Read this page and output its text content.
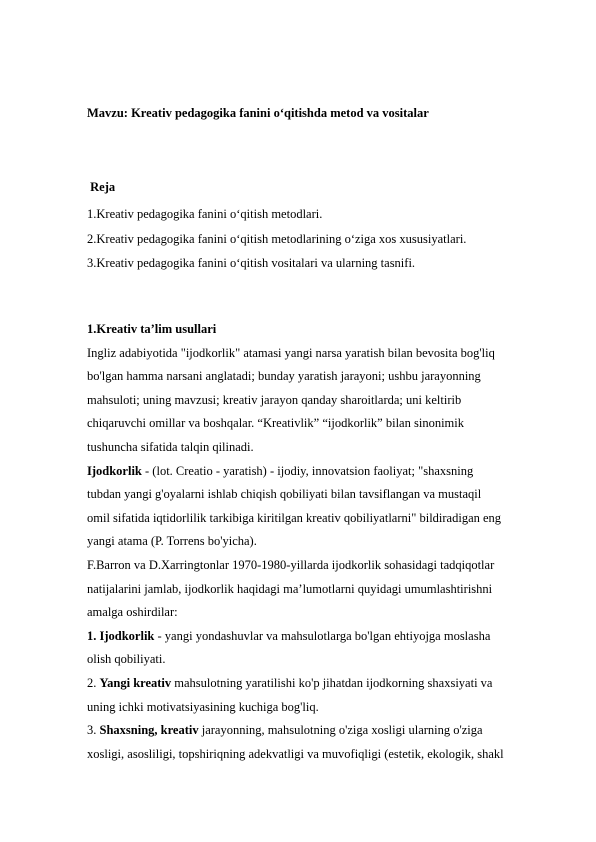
Mavzu: Kreativ pedagogika fanini o‘qitishda metod va vositalar

Reja

1.Kreativ pedagogika fanini o‘qitish metodlari.
2.Kreativ pedagogika fanini o‘qitish metodlarining o‘ziga xos xususiyatlari.
3.Kreativ pedagogika fanini o‘qitish vositalari va ularning tasnifi.
1.Kreativ ta’lim usullari
Ingliz adabiyotida "ijodkorlik" atamasi yangi narsa yaratish bilan bevosita bog'liq
bo'lgan hamma narsani anglatadi; bunday yaratish jarayoni; ushbu jarayonning
mahsuloti; uning mavzusi; kreativ jarayon qanday sharoitlarda; uni keltirib
chiqaruvchi omillar va boshqalar. “Kreativlik” “ijodkorlik” bilan sinonimik
tushuncha sifatida talqin qilinadi.
Ijodkorlik - (lot. Creatio - yaratish) - ijodiy, innovatsion faoliyat; "shaxsning
tubdan yangi g'oyalarni ishlab chiqish qobiliyati bilan tavsiflangan va mustaqil
omil sifatida iqtidorlilik tarkibiga kiritilgan kreativ qobiliyatlarni" bildiradigan eng
yangi atama (P. Torrens bo'yicha).
F.Barron va D.Xarringtonlar 1970-1980-yillarda ijodkorlik sohasidagi tadqiqotlar
natijalarini jamlab, ijodkorlik haqidagi ma’lumotlarni quyidagi umumlashtirishni
amalga oshirdilar:
1. Ijodkorlik - yangi yondashuvlar va mahsulotlarga bo'lgan ehtiyojga moslasha
olish qobiliyati.
2. Yangi kreativ mahsulotning yaratilishi ko'p jihatdan ijodkorning shaxsiyati va
uning ichki motivatsiyasining kuchiga bog'liq.
3. Shaxsning, kreativ jarayonning, mahsulotning o'ziga xosligi ularning o'ziga
xosligi, asosliligi, topshiriqning adekvatligi va muvofiqligi (estetik, ekologik, shakl
